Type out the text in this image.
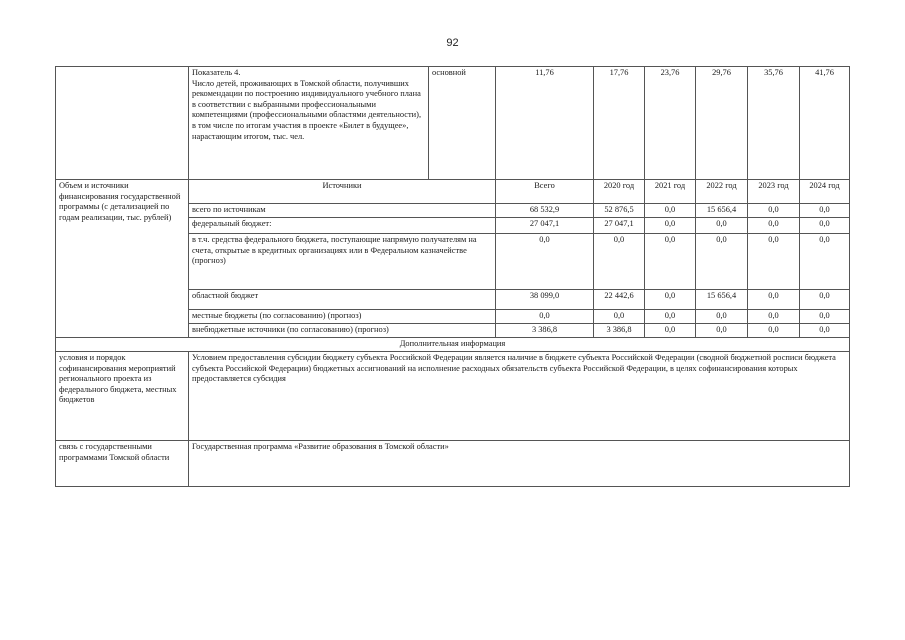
92

	Показатель 4.
Число детей, проживающих в Томской области, получивших рекомендации по построению индивидуального учебного плана в соответствии с выбранными профессиональными компетенциями (профессиональными областями деятельности), в том числе по итогам участия в проекте «Билет в будущее», нарастающим итогом, тыс. чел.	основной	11,76	17,76	23,76	29,76	35,76	41,76
Объем и источники финансирования государственной программы (с детализацией по годам реализации, тыс. рублей)	Источники		Всего	2020 год	2021 год	2022 год	2023 год	2024 год
	всего по источникам		68 532,9	52 876,5	0,0	15 656,4	0,0	0,0
	федеральный бюджет:		27 047,1	27 047,1	0,0	0,0	0,0	0,0
	в т.ч. средства федерального бюджета, поступающие напрямую получателям на счета, открытые в кредитных организациях или в Федеральном казначействе (прогноз)		0,0	0,0	0,0	0,0	0,0	0,0
	областной бюджет		38 099,0	22 442,6	0,0	15 656,4	0,0	0,0
	местные бюджеты (по согласованию) (прогноз)		0,0	0,0	0,0	0,0	0,0	0,0
	внебюджетные источники (по согласованию) (прогноз)		3 386,8	3 386,8	0,0	0,0	0,0	0,0
Дополнительная информация								
условия и порядок софинансирования мероприятий регионального проекта из федерального бюджета, местных бюджетов	Условием предоставления субсидии бюджету субъекта Российской Федерации является наличие в бюджете субъекта Российской Федерации (сводной бюджетной росписи бюджета субъекта Российской Федерации) бюджетных ассигнований на исполнение расходных обязательств субъекта Российской Федерации, в целях софинансирования которых предоставляется субсидия							
связь с государственными программами Томской области	Государственная программа «Развитие образования в Томской области»							
